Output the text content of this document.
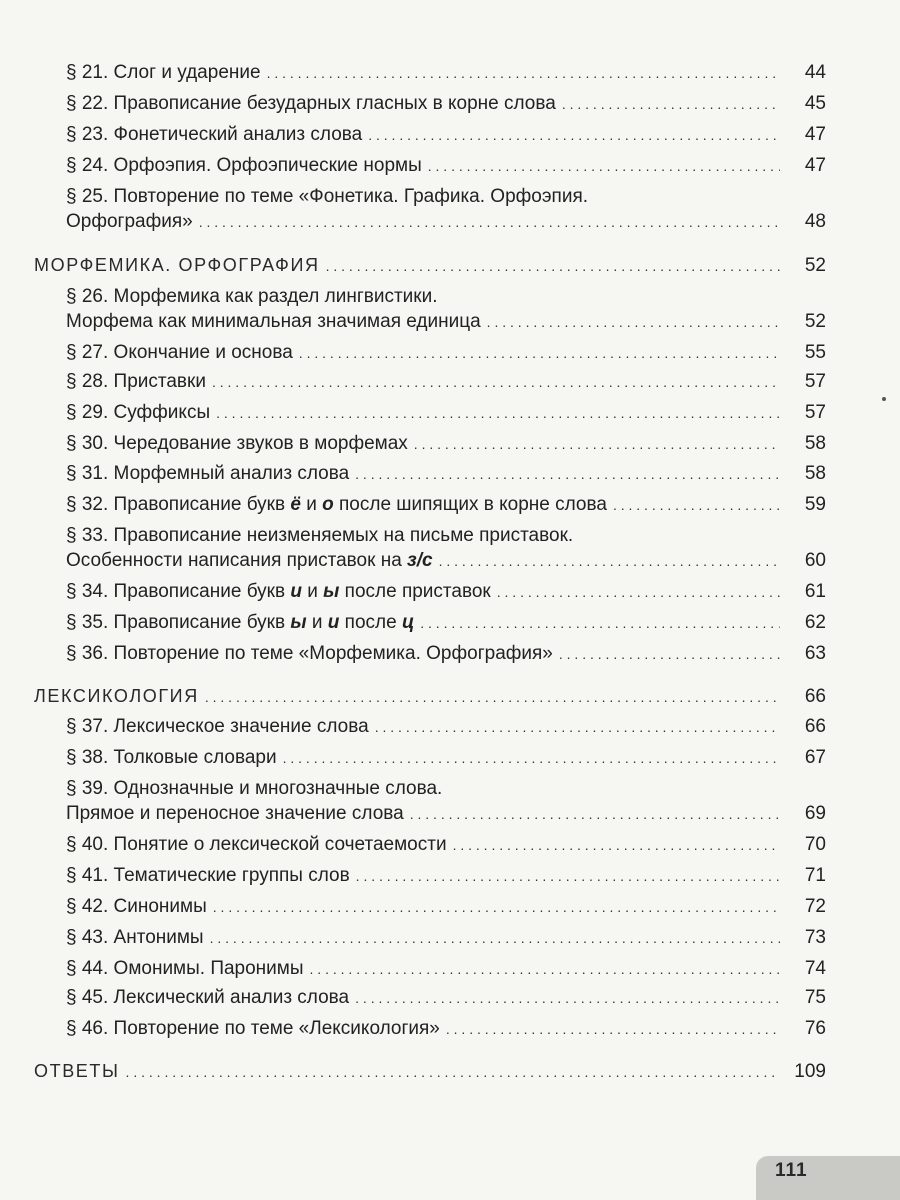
§ 21. Слог и ударение . . .	44
§ 22. Правописание безударных гласных в корне слова . . .	45
§ 23. Фонетический анализ слова . . .	47
§ 24. Орфоэпия. Орфоэпические нормы . . .	47
§ 25. Повторение по теме «Фонетика. Графика. Орфоэпия.
Орфография» . . .	48
МОРФЕМИКА. ОРФОГРАФИЯ . . .	52
§ 26. Морфемика как раздел лингвистики.
Морфема как минимальная значимая единица . . .	52
§ 27. Окончание и основа . . .	55
§ 28. Приставки . . .	57
§ 29. Суффиксы . . .	57
§ 30. Чередование звуков в морфемах . . .	58
§ 31. Морфемный анализ слова . . .	58
§ 32. Правописание букв ё и о после шипящих в корне слова . . .	59
§ 33. Правописание неизменяемых на письме приставок.
Особенности написания приставок на з/с . . .	60
§ 34. Правописание букв и и ы после приставок . . .	61
§ 35. Правописание букв ы и и после ц . . .	62
§ 36. Повторение по теме «Морфемика. Орфография» . . .	63
ЛЕКСИКОЛОГИЯ . . .	66
§ 37. Лексическое значение слова . . .	66
§ 38. Толковые словари . . .	67
§ 39. Однозначные и многозначные слова.
Прямое и переносное значение слова . . .	69
§ 40. Понятие о лексической сочетаемости . . .	70
§ 41. Тематические группы слов . . .	71
§ 42. Синонимы . . .	72
§ 43. Антонимы . . .	73
§ 44. Омонимы. Паронимы . . .	74
§ 45. Лексический анализ слова . . .	75
§ 46. Повторение по теме «Лексикология» . . .	76
ОТВЕТЫ . . .	109
111
